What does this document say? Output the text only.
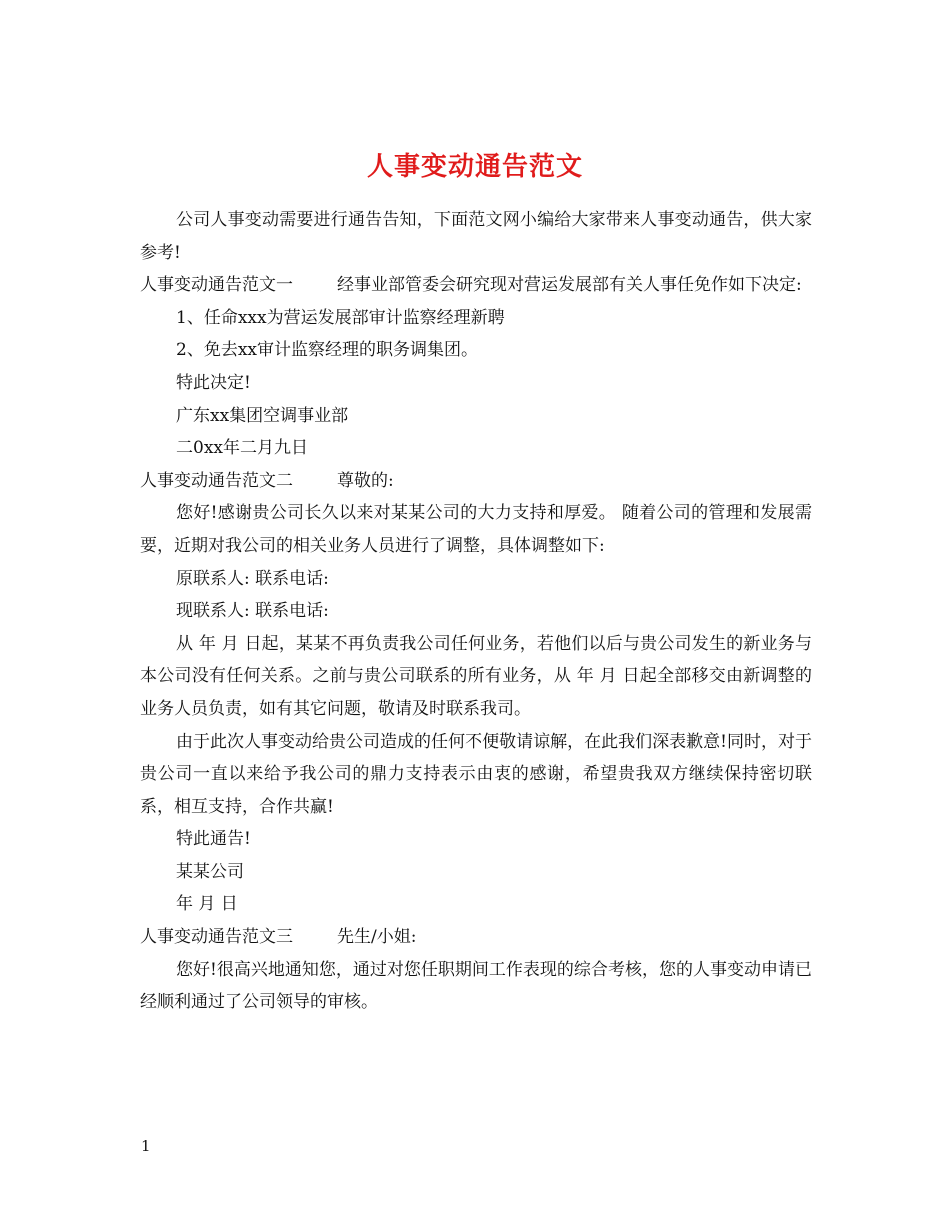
人事变动通告范文

公司人事变动需要进行通告告知，下面范文网小编给大家带来人事变动通告，供大家参考!

人事变动通告范文一	经事业部管委会研究现对营运发展部有关人事任免作如下决定:

1、任命xxx为营运发展部审计监察经理新聘

2、免去xx审计监察经理的职务调集团。

特此决定!

广东xx集团空调事业部

二0xx年二月九日

人事变动通告范文二	尊敬的:

您好!感谢贵公司长久以来对某某公司的大力支持和厚爱。 随着公司的管理和发展需要，近期对我公司的相关业务人员进行了调整，具体调整如下:

原联系人: 联系电话:

现联系人: 联系电话:

从 年 月 日起，某某不再负责我公司任何业务，若他们以后与贵公司发生的新业务与本公司没有任何关系。之前与贵公司联系的所有业务，从 年 月 日起全部移交由新调整的业务人员负责，如有其它问题，敬请及时联系我司。

由于此次人事变动给贵公司造成的任何不便敬请谅解，在此我们深表歉意!同时，对于贵公司一直以来给予我公司的鼎力支持表示由衷的感谢，希望贵我双方继续保持密切联系，相互支持，合作共赢!

特此通告!

某某公司

年 月 日

人事变动通告范文三	先生/小姐:

您好!很高兴地通知您，通过对您任职期间工作表现的综合考核，您的人事变动申请已经顺利通过了公司领导的审核。

1
